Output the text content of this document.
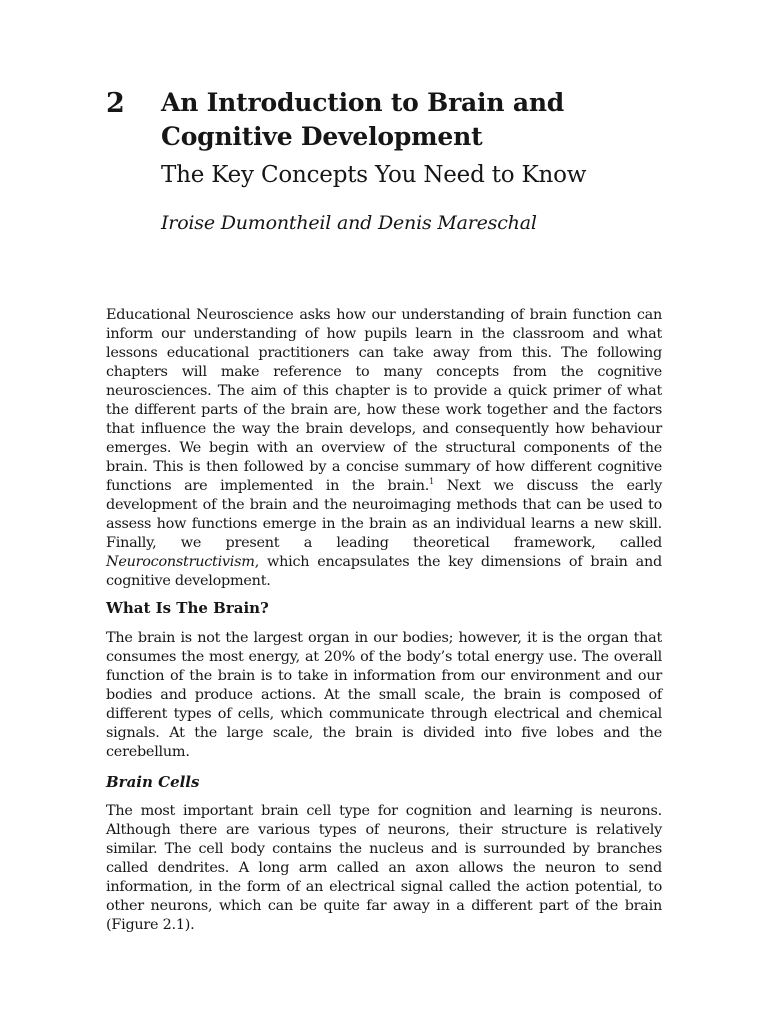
2 An Introduction to Brain and Cognitive Development
The Key Concepts You Need to Know

Iroise Dumontheil and Denis Mareschal

Educational Neuroscience asks how our understanding of brain function can inform our understanding of how pupils learn in the classroom and what lessons educational practitioners can take away from this. The following chapters will make reference to many concepts from the cognitive neurosciences. The aim of this chapter is to provide a quick primer of what the different parts of the brain are, how these work together and the factors that influence the way the brain develops, and consequently how behaviour emerges. We begin with an overview of the structural components of the brain. This is then followed by a concise summary of how different cognitive functions are implemented in the brain.$^1$ Next we discuss the early development of the brain and the neuroimaging methods that can be used to assess how functions emerge in the brain as an individual learns a new skill. Finally, we present a leading theoretical framework, called Neuroconstructivism, which encapsulates the key dimensions of brain and cognitive development.

What Is The Brain?

The brain is not the largest organ in our bodies; however, it is the organ that consumes the most energy, at 20% of the body’s total energy use. The overall function of the brain is to take in information from our environment and our bodies and produce actions. At the small scale, the brain is composed of different types of cells, which communicate through electrical and chemical signals. At the large scale, the brain is divided into five lobes and the cerebellum.

Brain Cells

The most important brain cell type for cognition and learning is neurons. Although there are various types of neurons, their structure is relatively similar. The cell body contains the nucleus and is surrounded by branches called dendrites. A long arm called an axon allows the neuron to send information, in the form of an electrical signal called the action potential, to other neurons, which can be quite far away in a different part of the brain (Figure 2.1).
